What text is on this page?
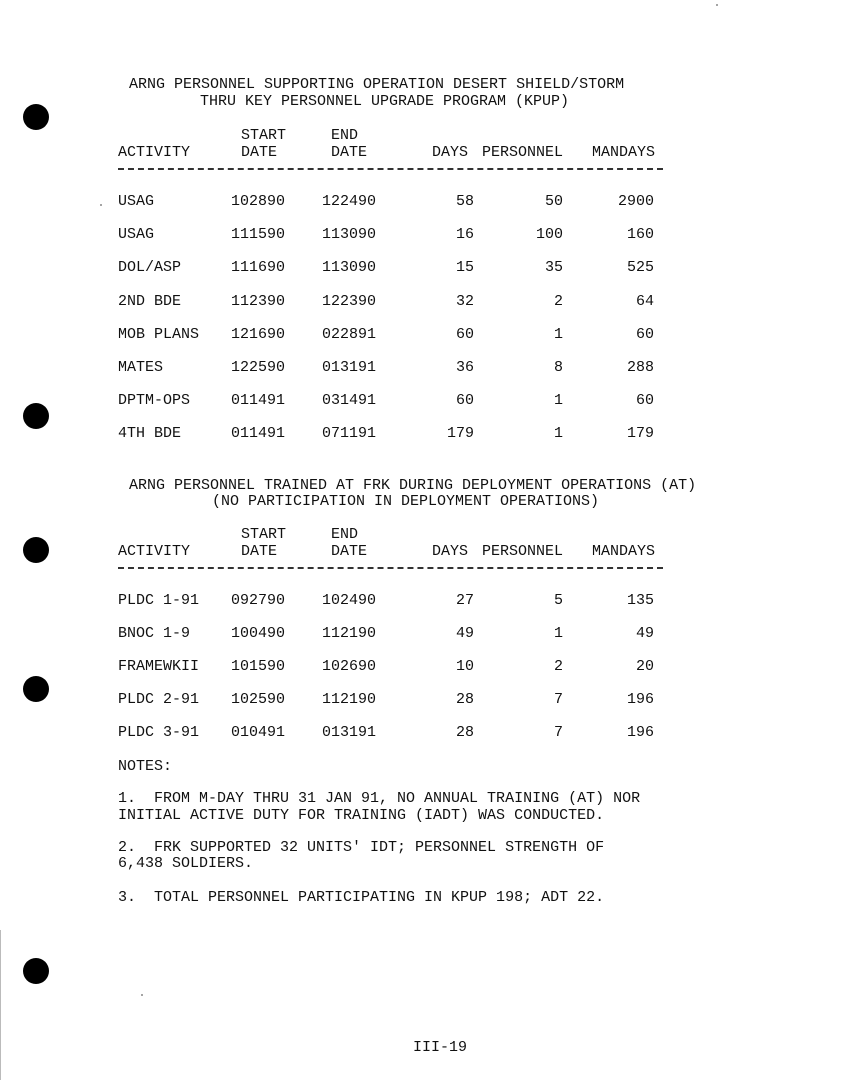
ARNG PERSONNEL SUPPORTING OPERATION DESERT SHIELD/STORM
THRU KEY PERSONNEL UPGRADE PROGRAM (KPUP)
START	END
ACTIVITY	DATE	DATE	DAYS PERSONNEL MANDAYS
USAG	102890 122490	58	50	2900
USAG	111590 113090	16	100	160
DOL/ASP	111690 113090	15	35	525
2ND BDE	112390 122390	32	2	64
MOB PLANS 121690 022891	60	1	60
MATES	122590 013191	36	8	288
DPTM-OPS	011491 031491	60	1	60
4TH BDE	011491 071191	179	1	179
ARNG PERSONNEL TRAINED AT FRK DURING DEPLOYMENT OPERATIONS (AT)
(NO PARTICIPATION IN DEPLOYMENT OPERATIONS)
START	END
ACTIVITY	DATE	DATE	DAYS PERSONNEL MANDAYS
PLDC 1-91 092790 102490	27	5	135
BNOC 1-9	100490 112190	49	1	49
FRAMEWKII 101590 102690	10	2	20
PLDC 2-91 102590 112190	28	7	196
PLDC 3-91 010491 013191	28	7	196
NOTES:
1.  FROM M-DAY THRU 31 JAN 91, NO ANNUAL TRAINING (AT) NOR
INITIAL ACTIVE DUTY FOR TRAINING (IADT) WAS CONDUCTED.
2.  FRK SUPPORTED 32 UNITS' IDT; PERSONNEL STRENGTH OF
6,438 SOLDIERS.
3.  TOTAL PERSONNEL PARTICIPATING IN KPUP 198; ADT 22.
III-19
